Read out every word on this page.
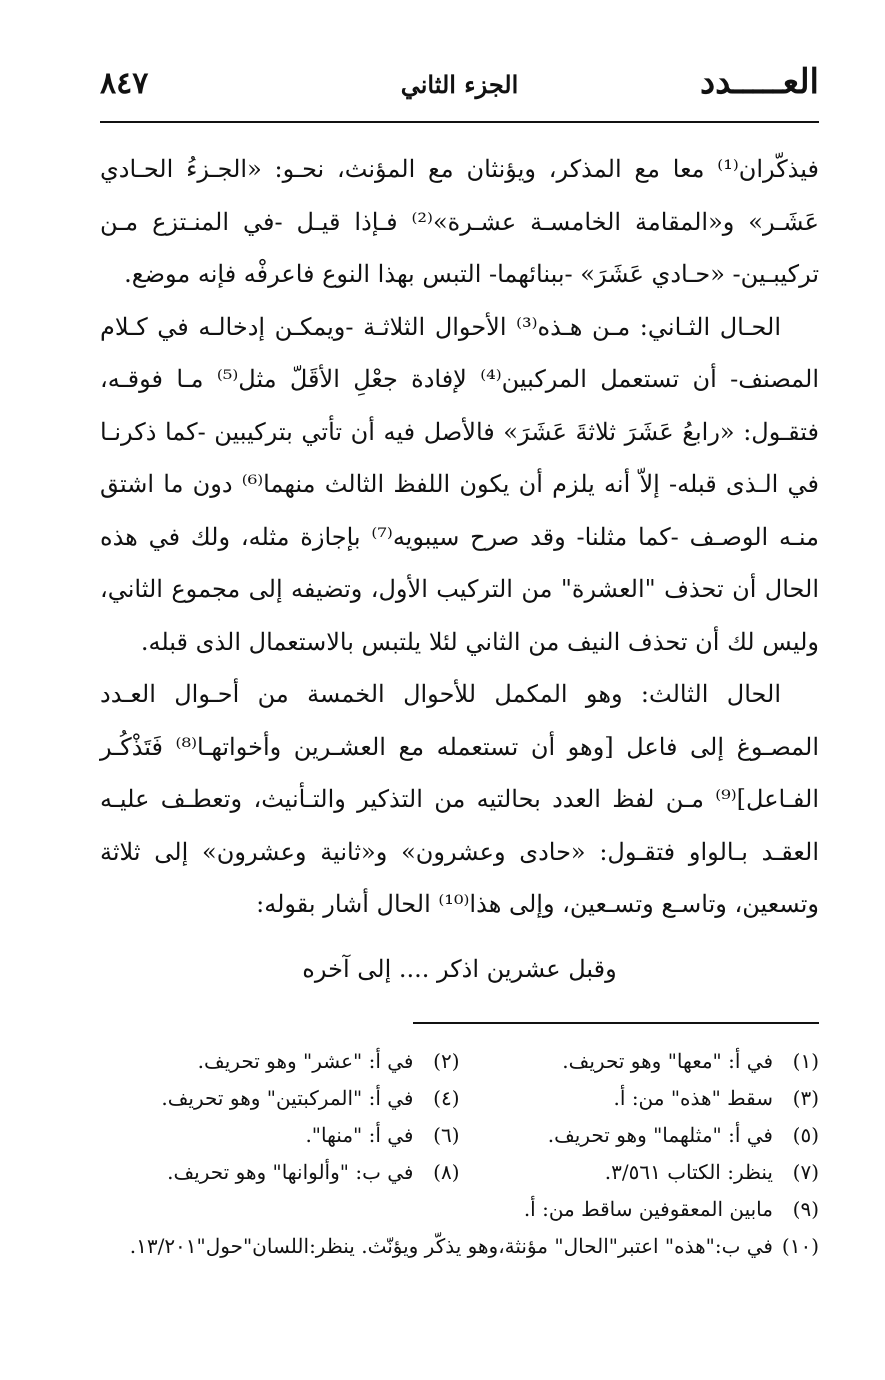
العـــــدد
الجزء الثاني
٨٤٧

فيذكّران⁽¹⁾ معا مع المذكر، ويؤنثان مع المؤنث، نحـو: «الجـزءُ الحـادي عَشَـر» و«المقامة الخامسـة عشـرة»⁽²⁾ فـإذا قيـل -في المنـتزع مـن تركيبـين- «حـادي عَشَرَ» -ببنائهما- التبس بهذا النوع فاعرفْه فإنه موضع.

الحـال الثـاني: مـن هـذه⁽³⁾ الأحوال الثلاثـة -ويمكـن إدخالـه في كـلام المصنف- أن تستعمل المركبين⁽⁴⁾ لإفادة جعْلِ الأقَلّ مثل⁽⁵⁾ مـا فوقـه، فتقـول: «رابعُ عَشَرَ ثلاثةَ عَشَرَ» فالأصل فيه أن تأتي بتركيبين -كما ذكرنـا في الـذى قبله- إلاّ أنه يلزم أن يكون اللفظ الثالث منهما⁽⁶⁾ دون ما اشتق منـه الوصـف -كما مثلنا- وقد صرح سيبويه⁽⁷⁾ بإجازة مثله، ولك في هذه الحال أن تحذف "العشرة" من التركيب الأول، وتضيفه إلى مجموع الثاني، وليس لك أن تحذف النيف من الثاني لئلا يلتبس بالاستعمال الذى قبله.

الحال الثالث: وهو المكمل للأحوال الخمسة من أحـوال العـدد المصـوغ إلى فاعل [وهو أن تستعمله مع العشـرين وأخواتهـا⁽⁸⁾ فَتَذْكُـر الفـاعل]⁽⁹⁾ مـن لفظ العدد بحالتيه من التذكير والتـأنيث، وتعطـف عليـه العقـد بـالواو فتقـول: «حادى وعشرون» و«ثانية وعشرون» إلى ثلاثة وتسعين، وتاسـع وتسـعين، وإلى هذا⁽¹⁰⁾ الحال أشار بقوله:

وقبل عشرين اذكر .... إلى آخره
(١)
في أ: "معها" وهو تحريف.
(٢)
في أ: "عشر" وهو تحريف.
(٣)
سقط "هذه" من: أ.
(٤)
في أ: "المركبتين" وهو تحريف.
(٥)
في أ: "مثلهما" وهو تحريف.
(٦)
في أ: "منها".
(٧)
ينظر: الكتاب ٣/٥٦١.
(٨)
في ب: "وألوانها" وهو تحريف.
(٩)
مابين المعقوفين ساقط من: أ.
(١٠)
في ب:"هذه" اعتبر"الحال" مؤنثة،وهو يذكّر ويؤنّث. ينظر:اللسان"حول"١٣/٢٠١.
